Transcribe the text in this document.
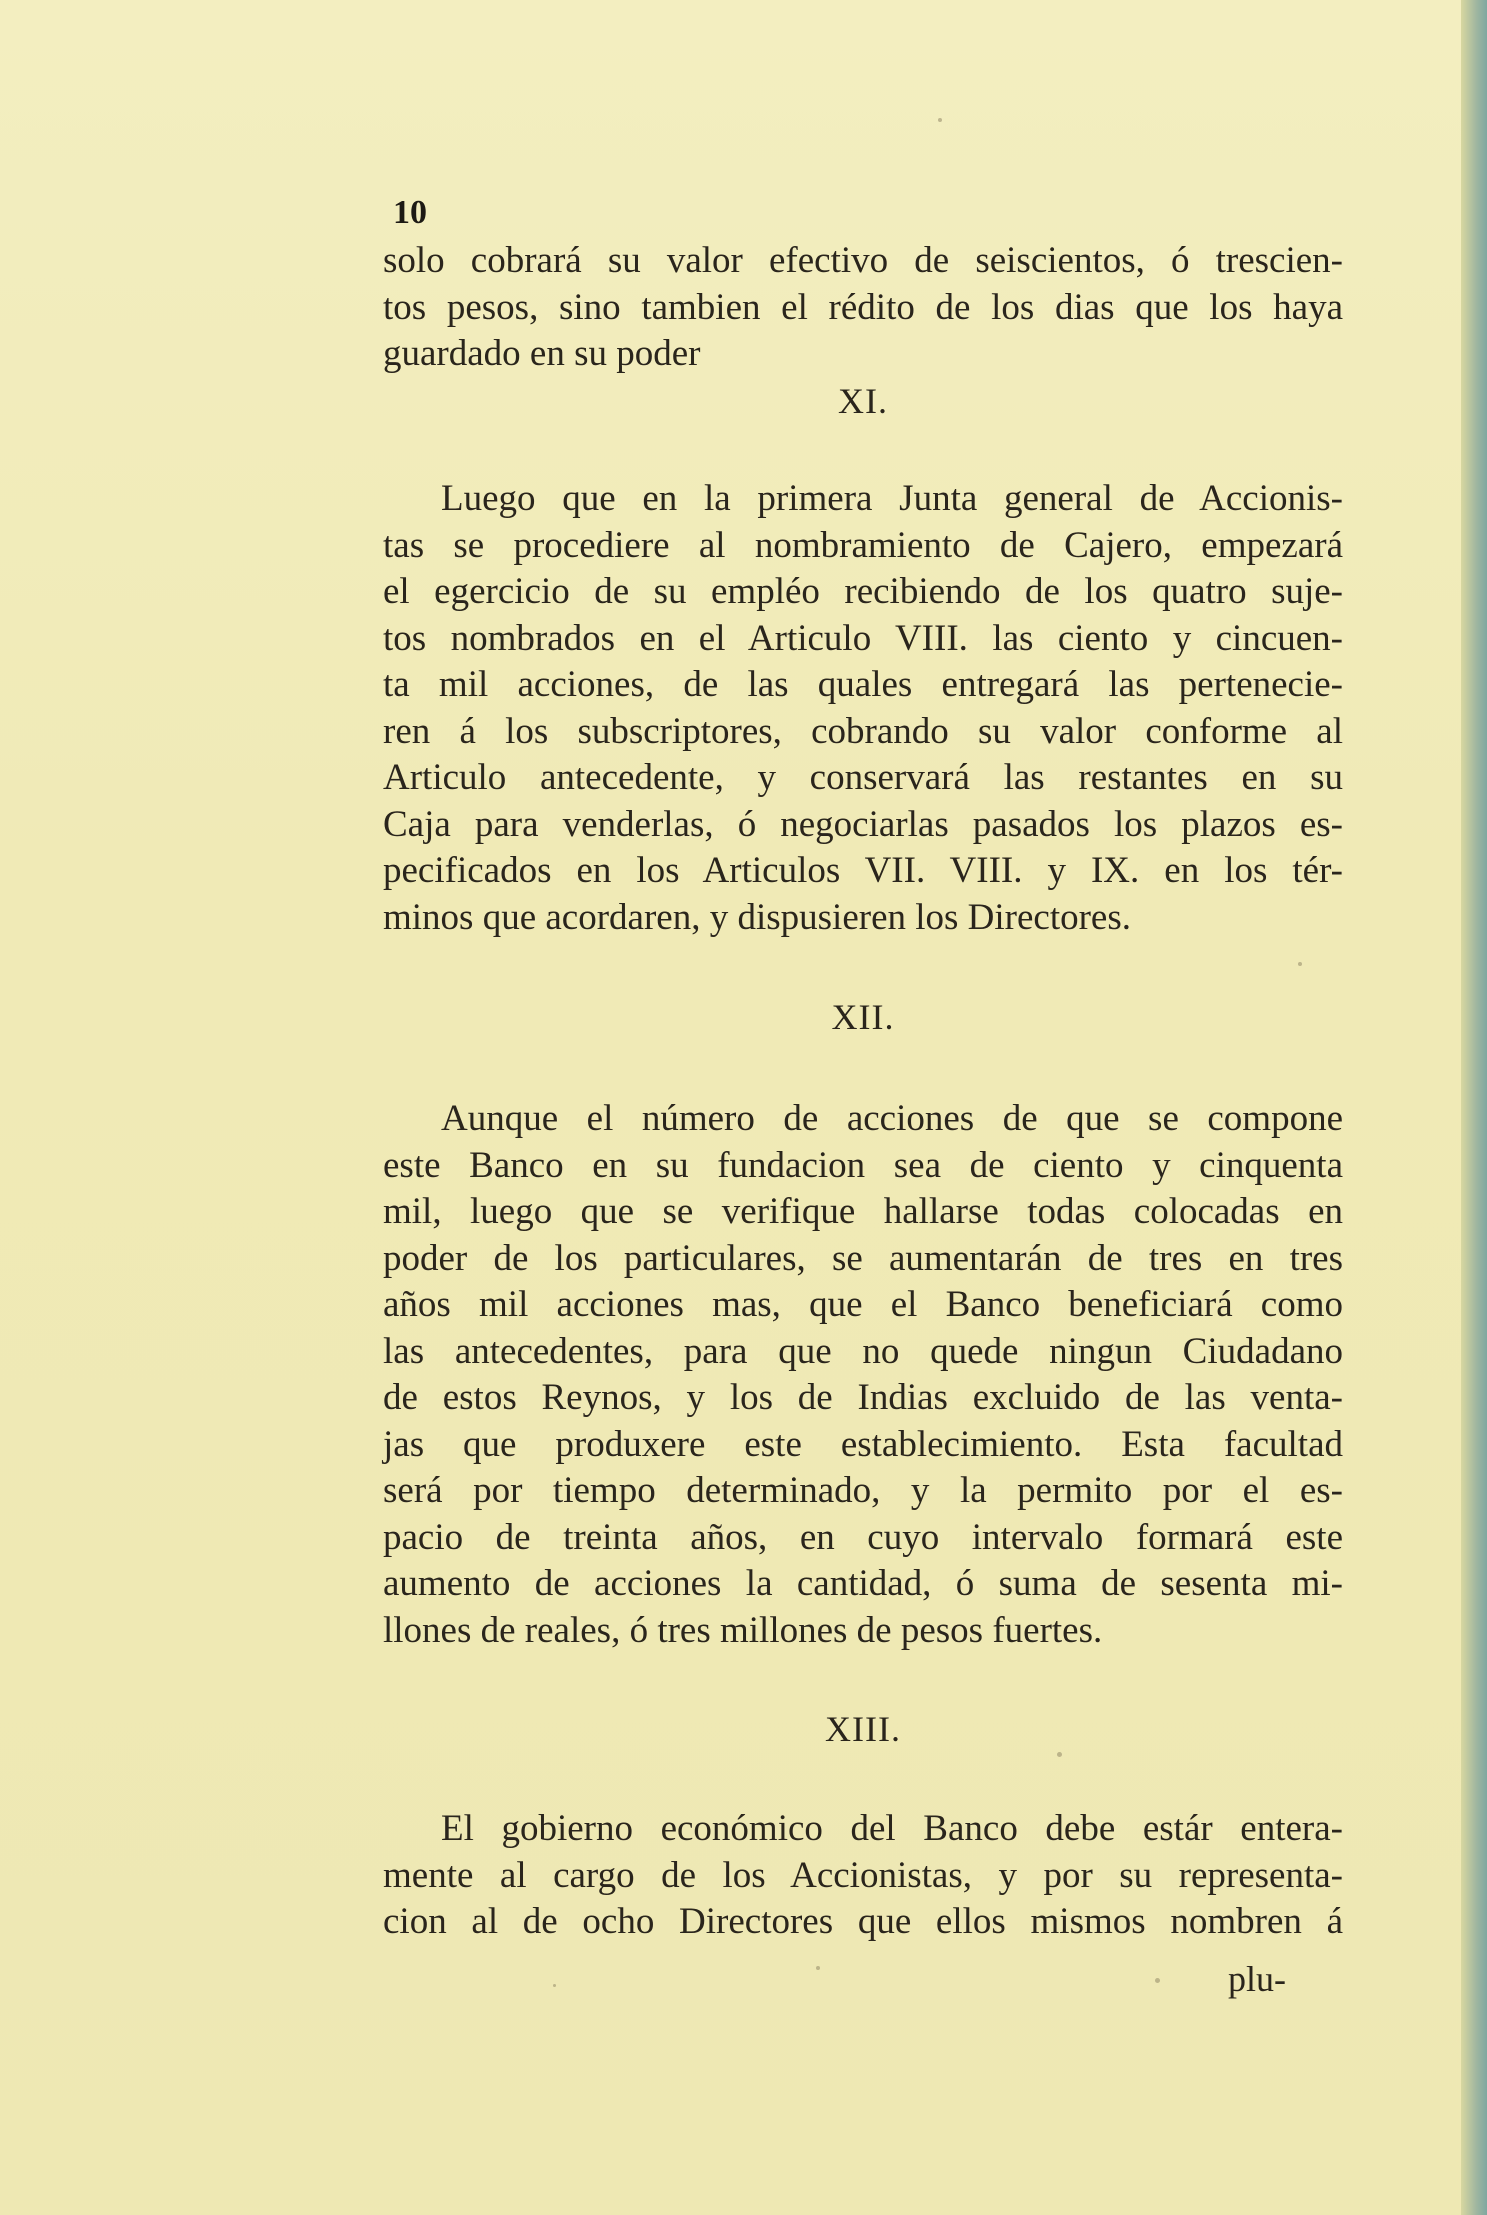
10
solo cobrará su valor efectivo de seiscientos, ó trescien-
tos pesos, sino tambien el rédito de los dias que los haya
guardado en su poder
XI.
Luego que en la primera Junta general de Accionis-
tas se procediere al nombramiento de Cajero, empezará
el egercicio de su empléo recibiendo de los quatro suje-
tos nombrados en el Articulo VIII. las ciento y cincuen-
ta mil acciones, de las quales entregará las pertenecie-
ren á los subscriptores, cobrando su valor conforme al
Articulo antecedente, y conservará las restantes en su
Caja para venderlas, ó negociarlas pasados los plazos es-
pecificados en los Articulos VII. VIII. y IX. en los tér-
minos que acordaren, y dispusieren los Directores.
XII.
Aunque el número de acciones de que se compone
este Banco en su fundacion sea de ciento y cinquenta
mil, luego que se verifique hallarse todas colocadas en
poder de los particulares, se aumentarán de tres en tres
años mil acciones mas, que el Banco beneficiará como
las antecedentes, para que no quede ningun Ciudadano
de estos Reynos, y los de Indias excluido de las venta-
jas que produxere este establecimiento. Esta facultad
será por tiempo determinado, y la permito por el es-
pacio de treinta años, en cuyo intervalo formará este
aumento de acciones la cantidad, ó suma de sesenta mi-
llones de reales, ó tres millones de pesos fuertes.
XIII.
El gobierno económico del Banco debe estár entera-
mente al cargo de los Accionistas, y por su representa-
cion al de ocho Directores que ellos mismos nombren á
plu-
